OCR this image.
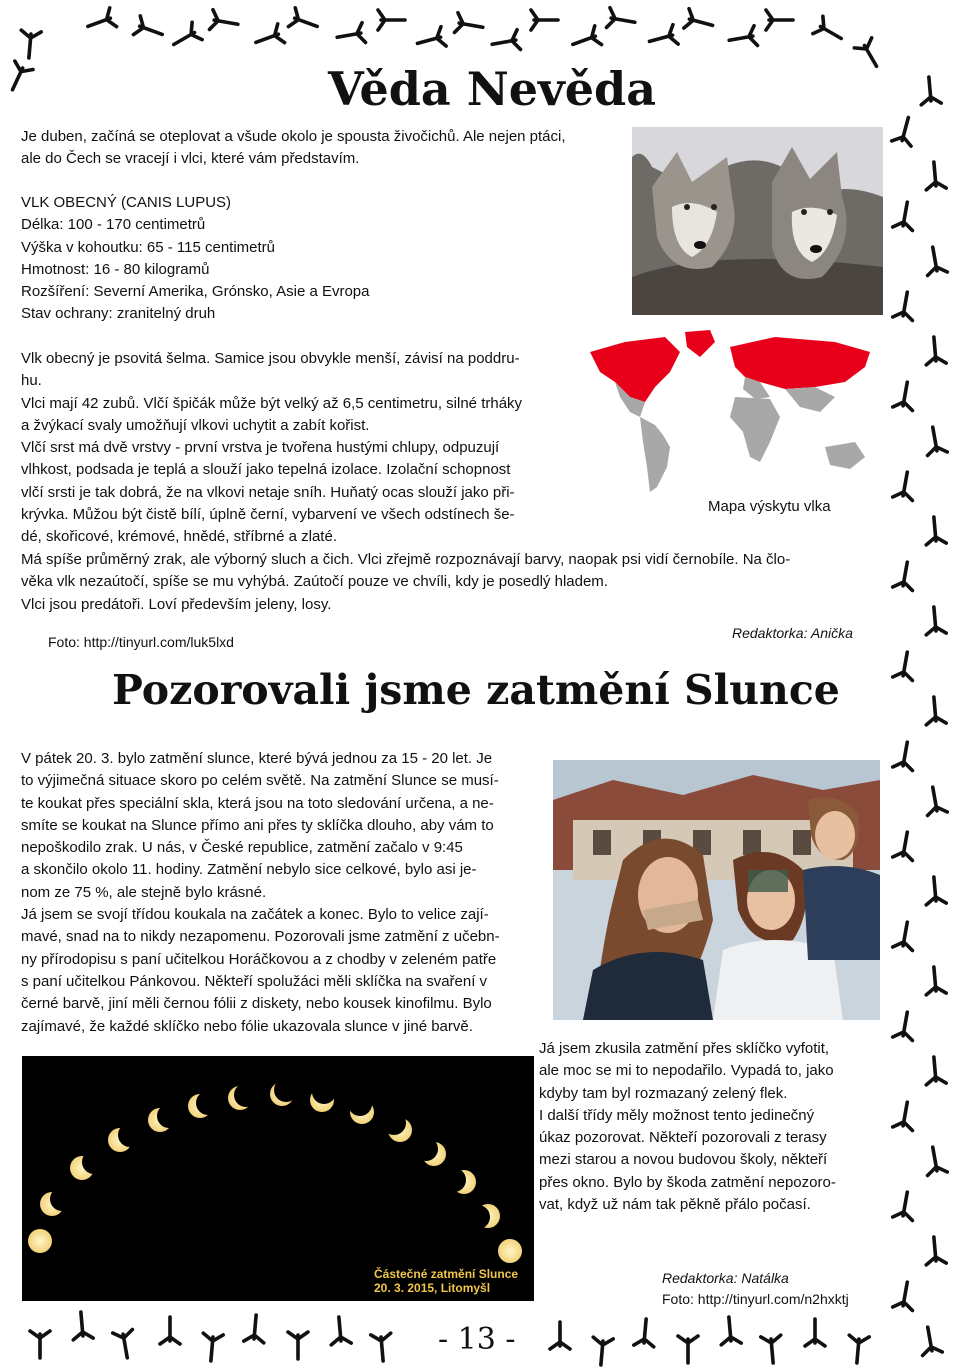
Věda Nevěda
Je duben, začíná se oteplovat a všude okolo je spousta živočichů. Ale nejen ptáci,
ale do Čech se vracejí i vlci, které vám představím.
VLK OBECNÝ (CANIS LUPUS)
Délka: 100 - 170 centimetrů
Výška v kohoutku: 65 - 115 centimetrů
Hmotnost: 16 - 80 kilogramů
Rozšíření: Severní Amerika, Grónsko, Asie a Evropa
Stav ochrany: zranitelný druh
Vlk obecný je psovitá šelma. Samice jsou obvykle menší, závisí na poddru-
hu.
Vlci mají 42 zubů. Vlčí špičák může být velký až 6,5 centimetru, silné trháky
a žvýkací svaly umožňují vlkovi uchytit a zabít kořist.
Vlčí srst má dvě vrstvy - první vrstva je tvořena hustými chlupy, odpuzují
vlhkost, podsada je teplá a slouží jako tepelná izolace. Izolační schopnost
vlčí srsti je tak dobrá, že na vlkovi netaje sníh. Huňatý ocas slouží jako při-
krývka. Můžou být čistě bílí, úplně černí, vybarvení ve všech odstínech še-
dé, skořicové, krémové, hnědé, stříbrné a zlaté.
Mapa výskytu vlka
Má spíše průměrný zrak, ale výborný sluch a čich. Vlci zřejmě rozpoznávají barvy, naopak psi vidí černobíle. Na člo-
věka vlk nezaútočí, spíše se mu vyhýbá. Zaútočí pouze ve chvíli, kdy je posedlý hladem.
Vlci jsou predátoři. Loví především jeleny, losy.
Foto: http://tinyurl.com/luk5lxd
Redaktorka: Anička
Pozorovali jsme zatmění Slunce
V pátek 20. 3. bylo zatmění slunce, které bývá jednou za 15 - 20 let. Je
to výjimečná situace skoro po celém světě. Na zatmění Slunce se musí-
te koukat přes speciální skla, která jsou na toto sledování určena, a ne-
smíte se koukat na Slunce přímo ani přes ty sklíčka dlouho, aby vám to
nepoškodilo zrak. U nás, v České republice, zatmění začalo v 9:45
a skončilo okolo 11. hodiny. Zatmění nebylo sice celkové, bylo asi je-
nom ze 75 %, ale stejně bylo krásné.
Já jsem se svojí třídou koukala na začátek a konec. Bylo to velice zají-
mavé, snad na to nikdy nezapomenu. Pozorovali jsme zatmění z učebn-
ny přírodopisu s paní učitelkou Horáčkovou a z chodby v zeleném patře
s paní učitelkou Pánkovou. Někteří spolužáci měli sklíčka na svaření v
černé barvě, jiní měli černou fólii z diskety, nebo kousek kinofilmu. Bylo
zajímavé, že každé sklíčko nebo fólie ukazovala slunce v jiné barvě.
Já jsem zkusila zatmění přes sklíčko vyfotit,
ale moc se mi to nepodařilo. Vypadá to, jako
kdyby tam byl rozmazaný zelený flek.
I další třídy měly možnost tento jedinečný
úkaz pozorovat. Někteří pozorovali z terasy
mezi starou a novou budovou školy, někteří
přes okno. Bylo by škoda zatmění nepozoro-
vat, když už nám tak pěkně přálo počasí.
Částečné zatmění Slunce
20. 3. 2015, Litomyšl
Redaktorka: Natálka
Foto: http://tinyurl.com/n2hxktj
- 13 -
